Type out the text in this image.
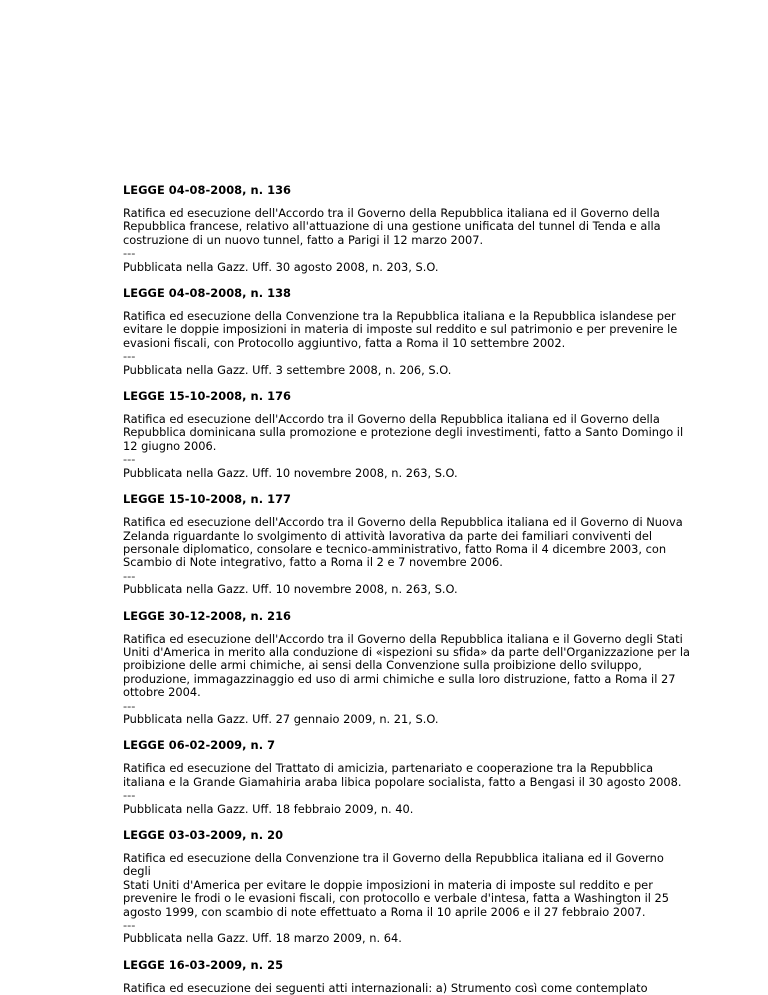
LEGGE 04-08-2008, n. 136
Ratifica ed esecuzione dell'Accordo tra il Governo della Repubblica italiana ed il Governo della
Repubblica francese, relativo all'attuazione di una gestione unificata del tunnel di Tenda e alla
costruzione di un nuovo tunnel, fatto a Parigi il 12 marzo 2007.
---
Pubblicata nella Gazz. Uff. 30 agosto 2008, n. 203, S.O.
LEGGE 04-08-2008, n. 138
Ratifica ed esecuzione della Convenzione tra la Repubblica italiana e la Repubblica islandese per
evitare le doppie imposizioni in materia di imposte sul reddito e sul patrimonio e per prevenire le
evasioni fiscali, con Protocollo aggiuntivo, fatta a Roma il 10 settembre 2002.
---
Pubblicata nella Gazz. Uff. 3 settembre 2008, n. 206, S.O.
LEGGE 15-10-2008, n. 176
Ratifica ed esecuzione dell'Accordo tra il Governo della Repubblica italiana ed il Governo della
Repubblica dominicana sulla promozione e protezione degli investimenti, fatto a Santo Domingo il
12 giugno 2006.
---
Pubblicata nella Gazz. Uff. 10 novembre 2008, n. 263, S.O.
LEGGE 15-10-2008, n. 177
Ratifica ed esecuzione dell'Accordo tra il Governo della Repubblica italiana ed il Governo di Nuova
Zelanda riguardante lo svolgimento di attività lavorativa da parte dei familiari conviventi del
personale diplomatico, consolare e tecnico-amministrativo, fatto Roma il 4 dicembre 2003, con
Scambio di Note integrativo, fatto a Roma il 2 e 7 novembre 2006.
---
Pubblicata nella Gazz. Uff. 10 novembre 2008, n. 263, S.O.
LEGGE 30-12-2008, n. 216
Ratifica ed esecuzione dell'Accordo tra il Governo della Repubblica italiana e il Governo degli Stati
Uniti d'America in merito alla conduzione di «ispezioni su sfida» da parte dell'Organizzazione per la
proibizione delle armi chimiche, ai sensi della Convenzione sulla proibizione dello sviluppo,
produzione, immagazzinaggio ed uso di armi chimiche e sulla loro distruzione, fatto a Roma il 27
ottobre 2004.
---
Pubblicata nella Gazz. Uff. 27 gennaio 2009, n. 21, S.O.
LEGGE 06-02-2009, n. 7
Ratifica ed esecuzione del Trattato di amicizia, partenariato e cooperazione tra la Repubblica
italiana e la Grande Giamahiria araba libica popolare socialista, fatto a Bengasi il 30 agosto 2008.
---
Pubblicata nella Gazz. Uff. 18 febbraio 2009, n. 40.
LEGGE 03-03-2009, n. 20
Ratifica ed esecuzione della Convenzione tra il Governo della Repubblica italiana ed il Governo degli
Stati Uniti d'America per evitare le doppie imposizioni in materia di imposte sul reddito e per
prevenire le frodi o le evasioni fiscali, con protocollo e verbale d'intesa, fatta a Washington il 25
agosto 1999, con scambio di note effettuato a Roma il 10 aprile 2006 e il 27 febbraio 2007.
---
Pubblicata nella Gazz. Uff. 18 marzo 2009, n. 64.
LEGGE 16-03-2009, n. 25
Ratifica ed esecuzione dei seguenti atti internazionali: a) Strumento così come contemplato
